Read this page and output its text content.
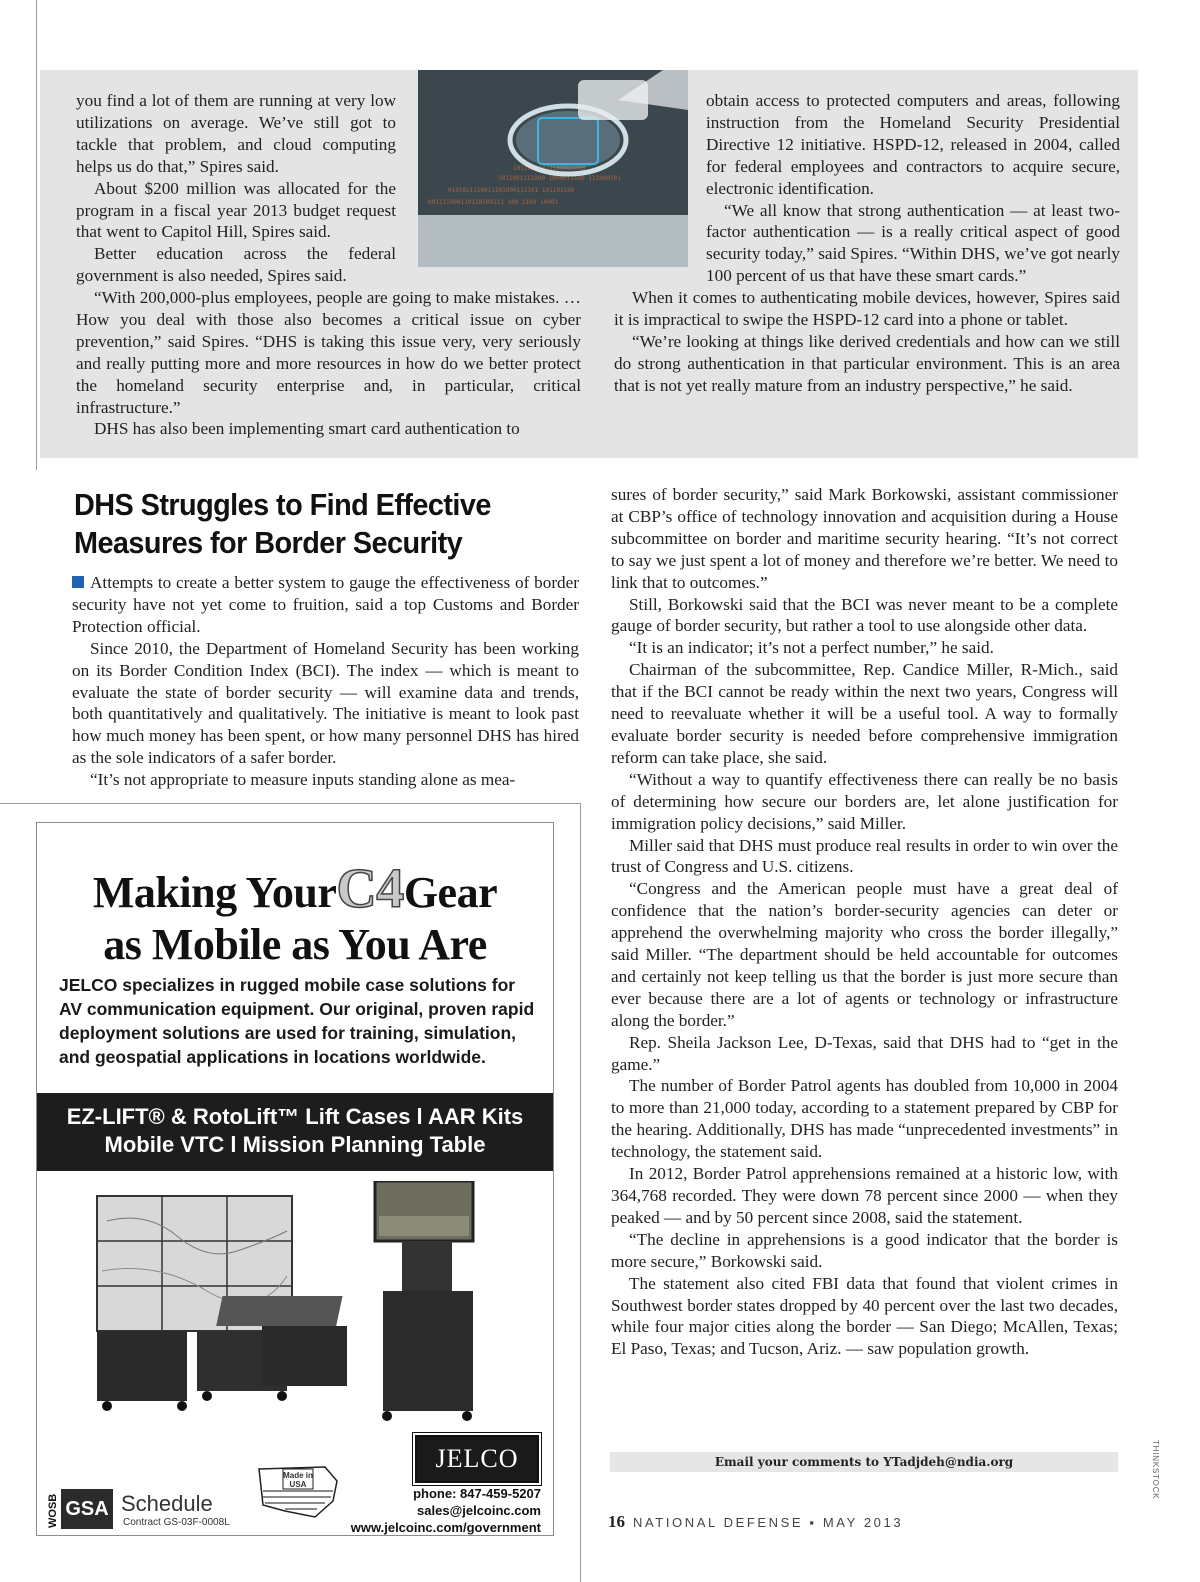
10110010011100011000
1011001111000 1000011100 111000101
0101011110011101000111101 101101100
001111000110110100111 100 1100 10001

you find a lot of them are running at very low utilizations on average. We’ve still got to tackle that problem, and cloud computing helps us do that,” Spires said.

About $200 million was allocated for the program in a fiscal year 2013 budget request that went to Capitol Hill, Spires said.

Better education across the federal government is also needed, Spires said.

“With 200,000-plus employees, people are going to make mistakes. … How you deal with those also becomes a critical issue on cyber prevention,” said Spires. “DHS is taking this issue very, very seriously and really putting more and more resources in how do we better protect the homeland security enterprise and, in particular, critical infrastructure.”

DHS has also been implementing smart card authentication to

obtain access to protected computers and areas, following instruction from the Homeland Security Presidential Directive 12 initiative. HSPD-12, released in 2004, called for federal employees and contractors to acquire secure, electronic identification.

“We all know that strong authentication — at least two-factor authentication — is a really critical aspect of good security today,” said Spires. “Within DHS, we’ve got nearly 100 percent of us that have these smart cards.”

When it comes to authenticating mobile devices, however, Spires said it is impractical to swipe the HSPD-12 card into a phone or tablet.

“We’re looking at things like derived credentials and how can we still do strong authentication in that particular environment. This is an area that is not yet really mature from an industry perspective,” he said.

DHS Struggles to Find Effective Measures for Border Security

Attempts to create a better system to gauge the effectiveness of border security have not yet come to fruition, said a top Customs and Border Protection official.

Since 2010, the Department of Homeland Security has been working on its Border Condition Index (BCI). The index — which is meant to evaluate the state of border security — will examine data and trends, both quantitatively and qualitatively. The initiative is meant to look past how much money has been spent, or how many personnel DHS has hired as the sole indicators of a safer border.

“It’s not appropriate to measure inputs standing alone as mea-

sures of border security,” said Mark Borkowski, assistant commissioner at CBP’s office of technology innovation and acquisition during a House subcommittee on border and maritime security hearing. “It’s not correct to say we just spent a lot of money and therefore we’re better. We need to link that to outcomes.”

Still, Borkowski said that the BCI was never meant to be a complete gauge of border security, but rather a tool to use alongside other data.

“It is an indicator; it’s not a perfect number,” he said.

Chairman of the subcommittee, Rep. Candice Miller, R-Mich., said that if the BCI cannot be ready within the next two years, Congress will need to reevaluate whether it will be a useful tool. A way to formally evaluate border security is needed before comprehensive immigration reform can take place, she said.

“Without a way to quantify effectiveness there can really be no basis of determining how secure our borders are, let alone justification for immigration policy decisions,” said Miller.

Miller said that DHS must produce real results in order to win over the trust of Congress and U.S. citizens.

“Congress and the American people must have a great deal of confidence that the nation’s border-security agencies can deter or apprehend the overwhelming majority who cross the border illegally,” said Miller. “The department should be held accountable for outcomes and certainly not keep telling us that the border is just more secure than ever because there are a lot of agents or technology or infrastructure along the border.”

Rep. Sheila Jackson Lee, D-Texas, said that DHS had to “get in the game.”

The number of Border Patrol agents has doubled from 10,000 in 2004 to more than 21,000 today, according to a statement prepared by CBP for the hearing. Additionally, DHS has made “unprecedented investments” in technology, the statement said.

In 2012, Border Patrol apprehensions remained at a historic low, with 364,768 recorded. They were down 78 percent since 2000 — when they peaked — and by 50 percent since 2008, said the statement.

“The decline in apprehensions is a good indicator that the border is more secure,” Borkowski said.

The statement also cited FBI data that found that violent crimes in Southwest border states dropped by 40 percent over the last two decades, while four major cities along the border — San Diego; McAllen, Texas; El Paso, Texas; and Tucson, Ariz. — saw population growth.

Email your comments to YTadjdeh@ndia.org
Making YourC4Gear
as Mobile as You Are
JELCO specializes in rugged mobile case solutions for AV communication equipment. Our original, proven rapid deployment solutions are used for training, simulation, and geospatial applications in locations worldwide.
EZ-LIFT® & RotoLift™ Lift Cases l AAR Kits
Mobile VTC l Mission Planning Table
JELCO
Made in
USA
phone: 847-459-5207
sales@jelcoinc.com
www.jelcoinc.com/government
WOSB GSA Schedule
Contract GS-03F-0008L	16 NATIONAL DEFENSE ▪ MAY 2013
THINKSTOCK
